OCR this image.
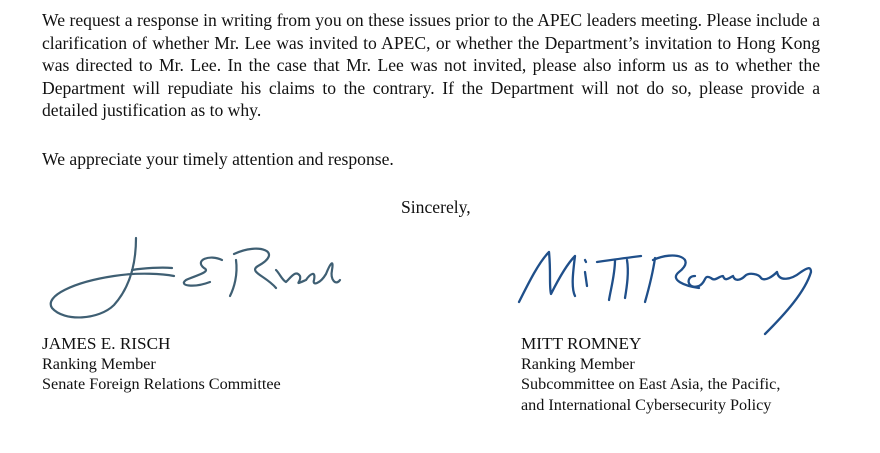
We request a response in writing from you on these issues prior to the APEC leaders meeting. Please include a clarification of whether Mr. Lee was invited to APEC, or whether the Department’s invitation to Hong Kong was directed to Mr. Lee. In the case that Mr. Lee was not invited, please also inform us as to whether the Department will repudiate his claims to the contrary. If the Department will not do so, please provide a detailed justification as to why.

We appreciate your timely attention and response.

Sincerely,

JAMES E. RISCH
Ranking Member
Senate Foreign Relations Committee
MITT ROMNEY
Ranking Member
Subcommittee on East Asia, the Pacific,
and International Cybersecurity Policy
